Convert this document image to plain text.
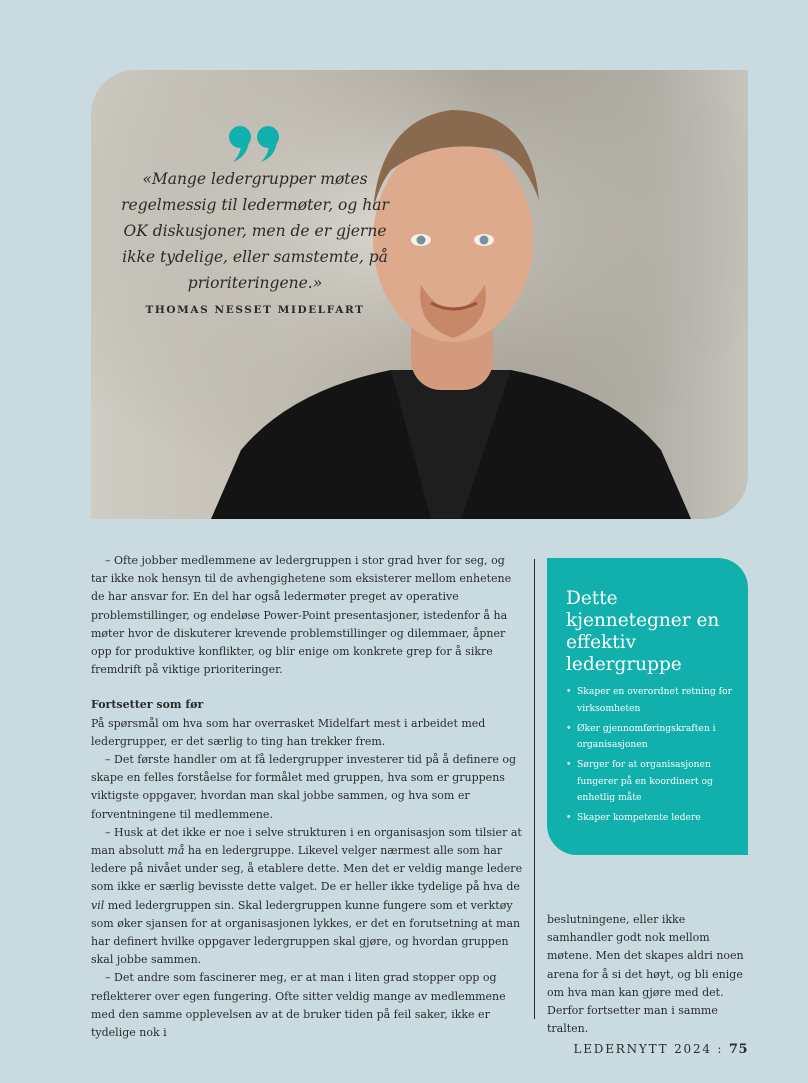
«Mange ledergrupper møtes regelmessig til ledermøter, og har OK diskusjoner, men de er gjerne ikke tydelige, eller samstemte, på prioriteringene.»
THOMAS NESSET MIDELFART

– Ofte jobber medlemmene av ledergruppen i stor grad hver for seg, og tar ikke nok hensyn til de avhengighetene som eksisterer mellom enhetene de har ansvar for. En del har også ledermøter preget av operative problemstillinger, og endeløse Power-Point presentasjoner, istedenfor å ha møter hvor de diskuterer krevende problemstillinger og dilemmaer, åpner opp for produktive konflikter, og blir enige om konkrete grep for å sikre fremdrift på viktige prioriteringer.

Fortsetter som før

På spørsmål om hva som har overrasket Midelfart mest i arbeidet med ledergrupper, er det særlig to ting han trekker frem.

– Det første handler om at få ledergrupper investerer tid på å definere og skape en felles forståelse for formålet med gruppen, hva som er gruppens viktigste oppgaver, hvordan man skal jobbe sammen, og hva som er forventningene til medlemmene.

– Husk at det ikke er noe i selve strukturen i en organisasjon som tilsier at man absolutt må ha en ledergruppe. Likevel velger nærmest alle som har ledere på nivået under seg, å etablere dette. Men det er veldig mange ledere som ikke er særlig bevisste dette valget. De er heller ikke tydelige på hva de vil med ledergruppen sin. Skal ledergruppen kunne fungere som et verktøy som øker sjansen for at organisasjonen lykkes, er det en forutsetning at man har definert hvilke oppgaver ledergruppen skal gjøre, og hvordan gruppen skal jobbe sammen.

– Det andre som fascinerer meg, er at man i liten grad stopper opp og reflekterer over egen fungering. Ofte sitter veldig mange av medlemmene med den samme opplevelsen av at de bruker tiden på feil saker, ikke er tydelige nok i

Dette kjennetegner en effektiv ledergruppe
• Skaper en overordnet retning for virksomheten
• Øker gjennomføringskraften i organisasjonen
• Sørger for at organisasjonen fungerer på en koordinert og enhetlig måte
• Skaper kompetente ledere
beslutningene, eller ikke samhandler godt nok mellom møtene. Men det skapes aldri noen arena for å si det høyt, og bli enige om hva man kan gjøre med det. Derfor fortsetter man i samme tralten.
LEDERNYTT 2024 : 75
